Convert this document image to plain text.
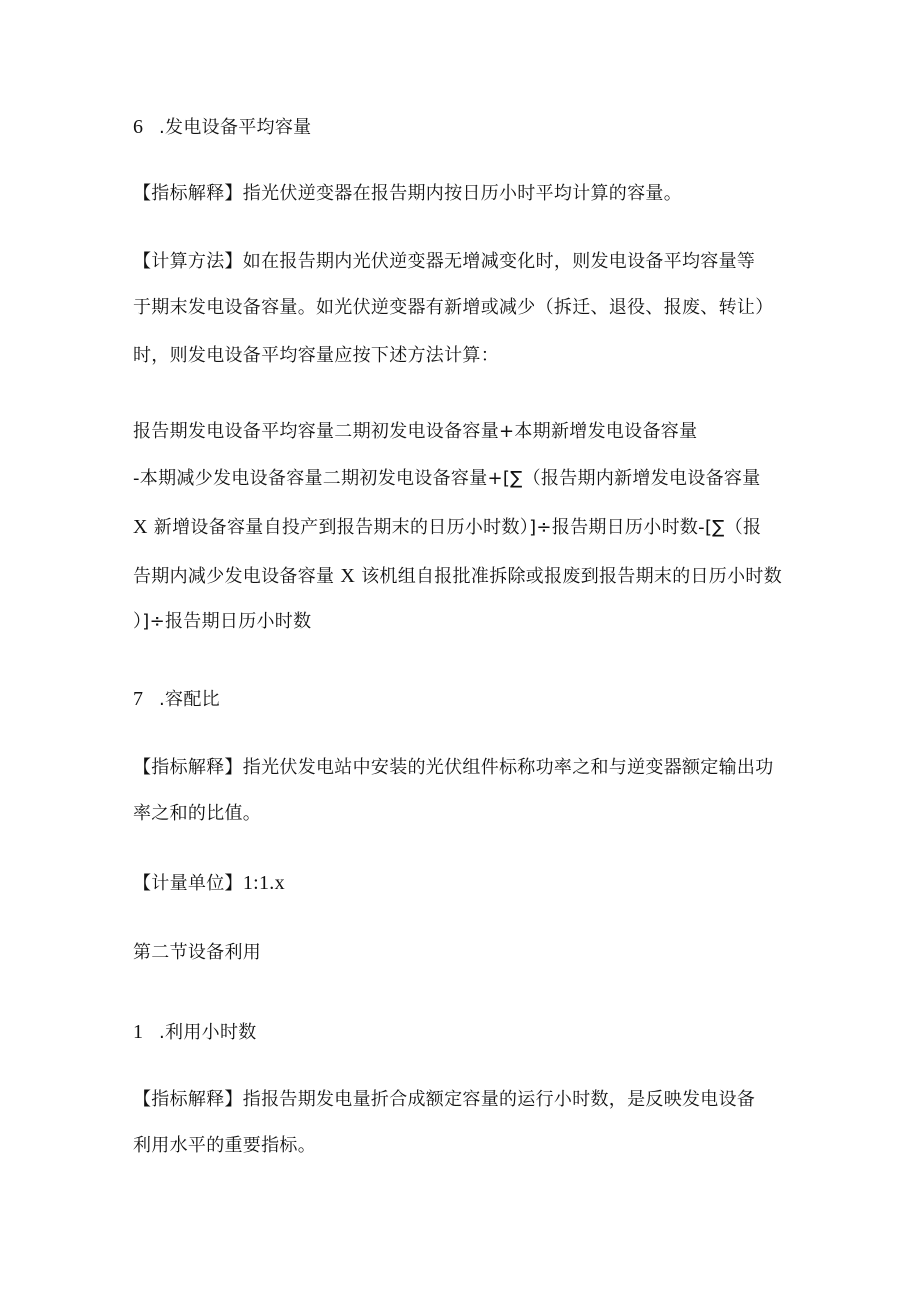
6 .发电设备平均容量
【指标解释】指光伏逆变器在报告期内按日历小时平均计算的容量。
【计算方法】如在报告期内光伏逆变器无增减变化时，则发电设备平均容量等
于期末发电设备容量。如光伏逆变器有新增或减少（拆迁、退役、报废、转让）
时，则发电设备平均容量应按下述方法计算：
报告期发电设备平均容量二期初发电设备容量+本期新增发电设备容量
-本期减少发电设备容量二期初发电设备容量+[∑（报告期内新增发电设备容量
X 新增设备容量自投产到报告期末的日历小时数）]÷报告期日历小时数-[∑（报
告期内减少发电设备容量 X 该机组自报批准拆除或报废到报告期末的日历小时数
）]÷报告期日历小时数
7 .容配比
【指标解释】指光伏发电站中安装的光伏组件标称功率之和与逆变器额定输出功
率之和的比值。
【计量单位】1:1.x
第二节设备利用
1 .利用小时数
【指标解释】指报告期发电量折合成额定容量的运行小时数，是反映发电设备
利用水平的重要指标。
